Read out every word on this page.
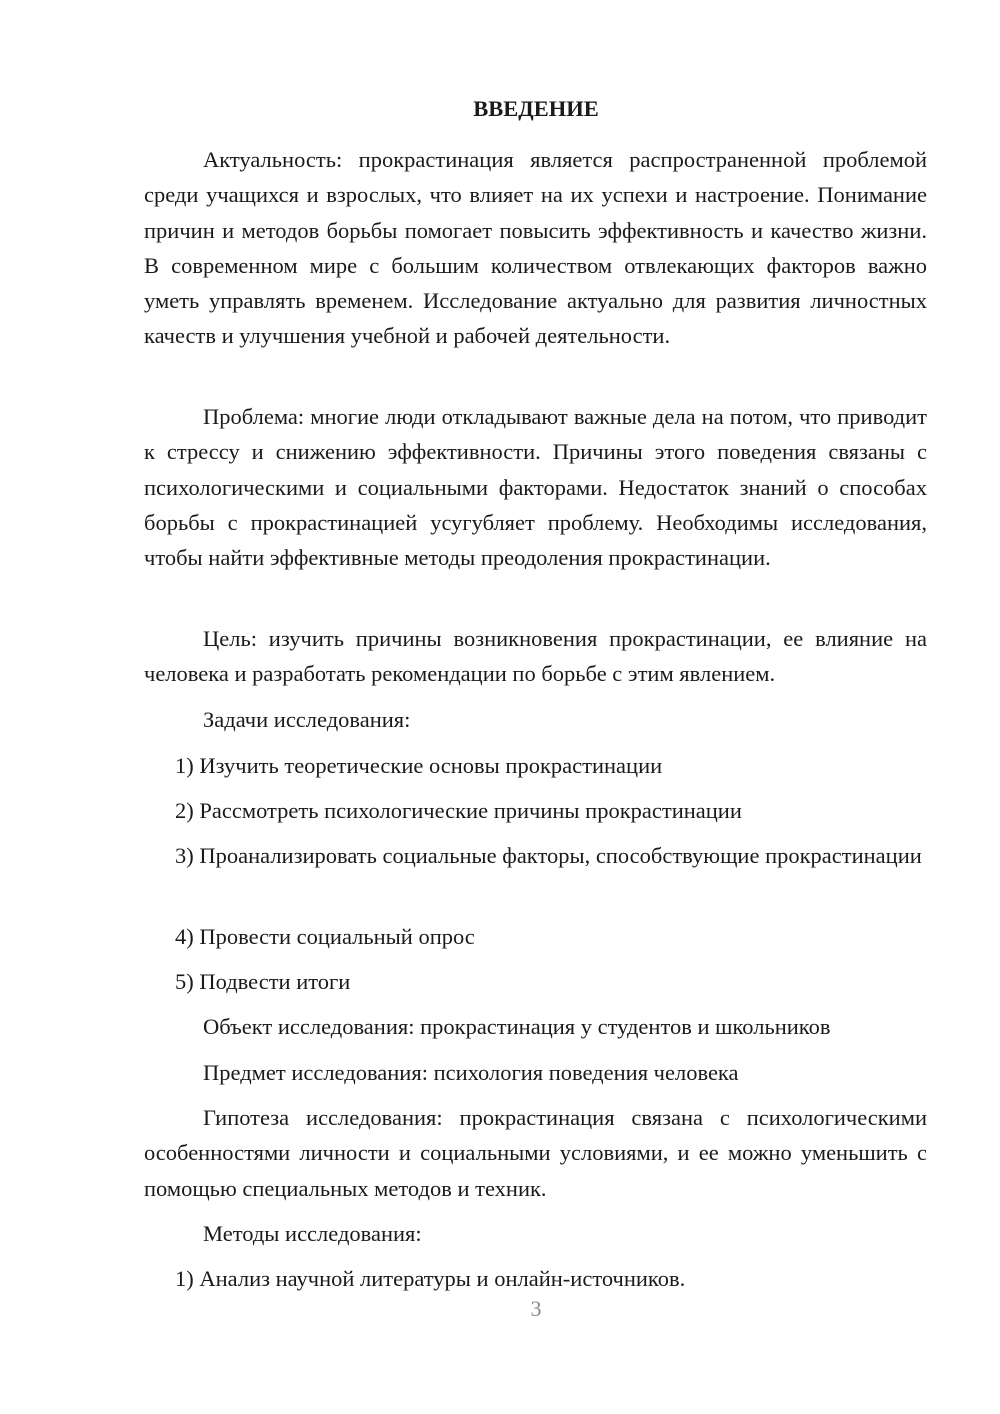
ВВЕДЕНИЕ

Актуальность: прокрастинация является распространенной проблемой среди учащихся и взрослых, что влияет на их успехи и настроение. Понимание причин и методов борьбы помогает повысить эффективность и качество жизни. В современном мире с большим количеством отвлекающих факторов важно уметь управлять временем. Исследование актуально для развития личностных качеств и улучшения учебной и рабочей деятельности.

Проблема: многие люди откладывают важные дела на потом, что приводит к стрессу и снижению эффективности. Причины этого поведения связаны с психологическими и социальными факторами. Недостаток знаний о способах борьбы с прокрастинацией усугубляет проблему. Необходимы исследования, чтобы найти эффективные методы преодоления прокрастинации.

Цель: изучить причины возникновения прокрастинации, ее влияние на человека и разработать рекомендации по борьбе с этим явлением.

Задачи исследования:

1) Изучить теоретические основы прокрастинации

2) Рассмотреть психологические причины прокрастинации

3) Проанализировать социальные факторы, способствующие прокрастинации

4) Провести социальный опрос

5) Подвести итоги

Объект исследования: прокрастинация у студентов и школьников

Предмет исследования: психология поведения человека

Гипотеза исследования: прокрастинация связана с психологическими особенностями личности и социальными условиями, и ее можно уменьшить с помощью специальных методов и техник.

Методы исследования:

1) Анализ научной литературы и онлайн-источников.

3
